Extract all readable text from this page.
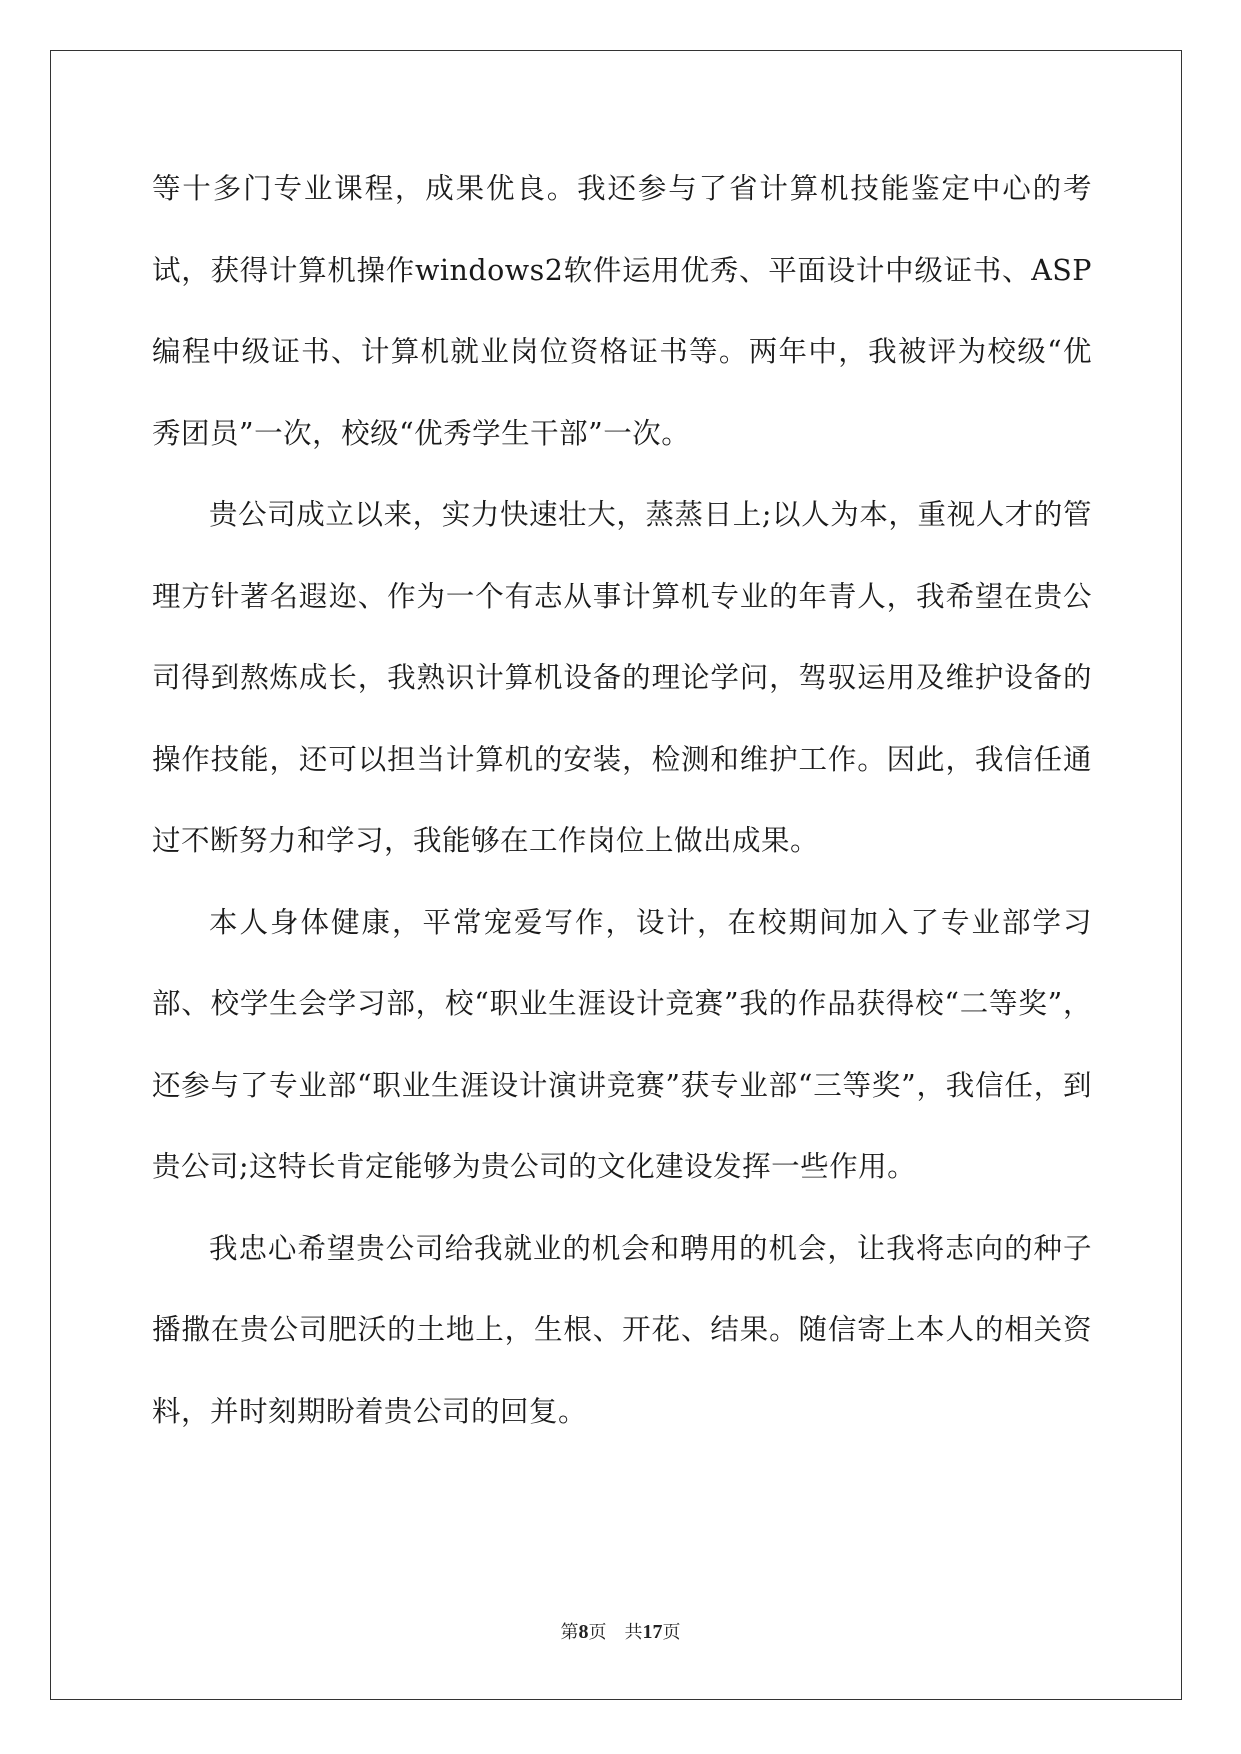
等十多门专业课程，成果优良。我还参与了省计算机技能鉴定中心的考试，获得计算机操作windows2软件运用优秀、平面设计中级证书、ASP编程中级证书、计算机就业岗位资格证书等。两年中，我被评为校级“优秀团员”一次，校级“优秀学生干部”一次。

贵公司成立以来，实力快速壮大，蒸蒸日上;以人为本，重视人才的管理方针著名遐迩、作为一个有志从事计算机专业的年青人，我希望在贵公司得到熬炼成长，我熟识计算机设备的理论学问，驾驭运用及维护设备的操作技能，还可以担当计算机的安装，检测和维护工作。因此，我信任通过不断努力和学习，我能够在工作岗位上做出成果。

本人身体健康，平常宠爱写作，设计，在校期间加入了专业部学习部、校学生会学习部，校“职业生涯设计竞赛”我的作品获得校“二等奖”，还参与了专业部“职业生涯设计演讲竞赛”获专业部“三等奖”，我信任，到贵公司;这特长肯定能够为贵公司的文化建设发挥一些作用。

我忠心希望贵公司给我就业的机会和聘用的机会，让我将志向的种子播撒在贵公司肥沃的土地上，生根、开花、结果。随信寄上本人的相关资料，并时刻期盼着贵公司的回复。

第8页 共17页
